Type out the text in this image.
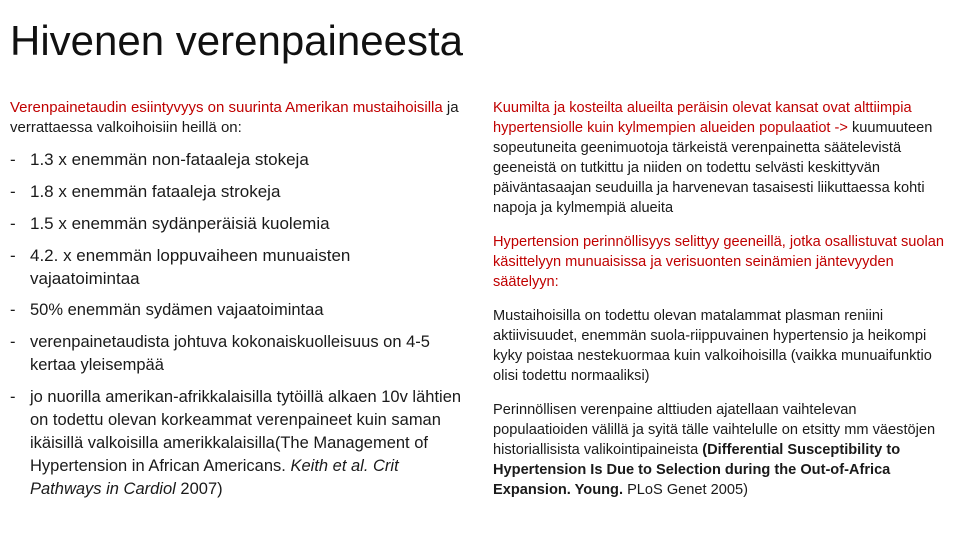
Hivenen verenpaineesta
Verenpainetaudin esiintyvyys on suurinta Amerikan mustaihoisilla ja verrattaessa valkoihoisiin heillä on:
- 1.3 x enemmän non-fataaleja stokeja
- 1.8 x enemmän fataaleja strokeja
- 1.5 x enemmän sydänperäisiä kuolemia
- 4.2. x enemmän loppuvaiheen munuaisten vajaatoimintaa
- 50% enemmän sydämen vajaatoimintaa
- verenpainetaudista johtuva kokonaiskuolleisuus on 4-5 kertaa yleisempää
- jo nuorilla amerikan-afrikkalaisilla tytöillä alkaen 10v lähtien on todettu olevan korkeammat verenpaineet kuin saman ikäisillä valkoisilla amerikkalaisilla(The Management of Hypertension in African Americans. Keith et al. Crit Pathways in Cardiol 2007)
Kuumilta ja kosteilta alueilta peräisin olevat kansat ovat alttiimpia hypertensiolle kuin kylmempien alueiden populaatiot -> kuumuuteen sopeutuneita geenimuotoja tärkeistä verenpainetta säätelevistä geeneistä on tutkittu ja niiden on todettu selvästi keskittyvän päiväntasaajan seuduilla ja harvenevan tasaisesti liikuttaessa kohti napoja ja kylmempiä alueita
Hypertension perinnöllisyys selittyy geeneillä, jotka osallistuvat suolan käsittelyyn munuaisissa ja verisuonten seinämien jäntevyyden säätelyyn:
Mustaihoisilla on todettu olevan matalammat plasman reniini aktiivisuudet, enemmän suola-riippuvainen hypertensio ja heikompi kyky poistaa nestekuormaa kuin valkoihoisilla (vaikka munuaifunktio olisi todettu normaaliksi)
Perinnöllisen verenpaine alttiuden ajatellaan vaihtelevan populaatioiden välillä ja syitä tälle vaihtelulle on etsitty mm väestöjen historiallisista valikointipaineista (Differential Susceptibility to Hypertension Is Due to Selection during the Out-of-Africa Expansion. Young. PLoS Genet 2005)
